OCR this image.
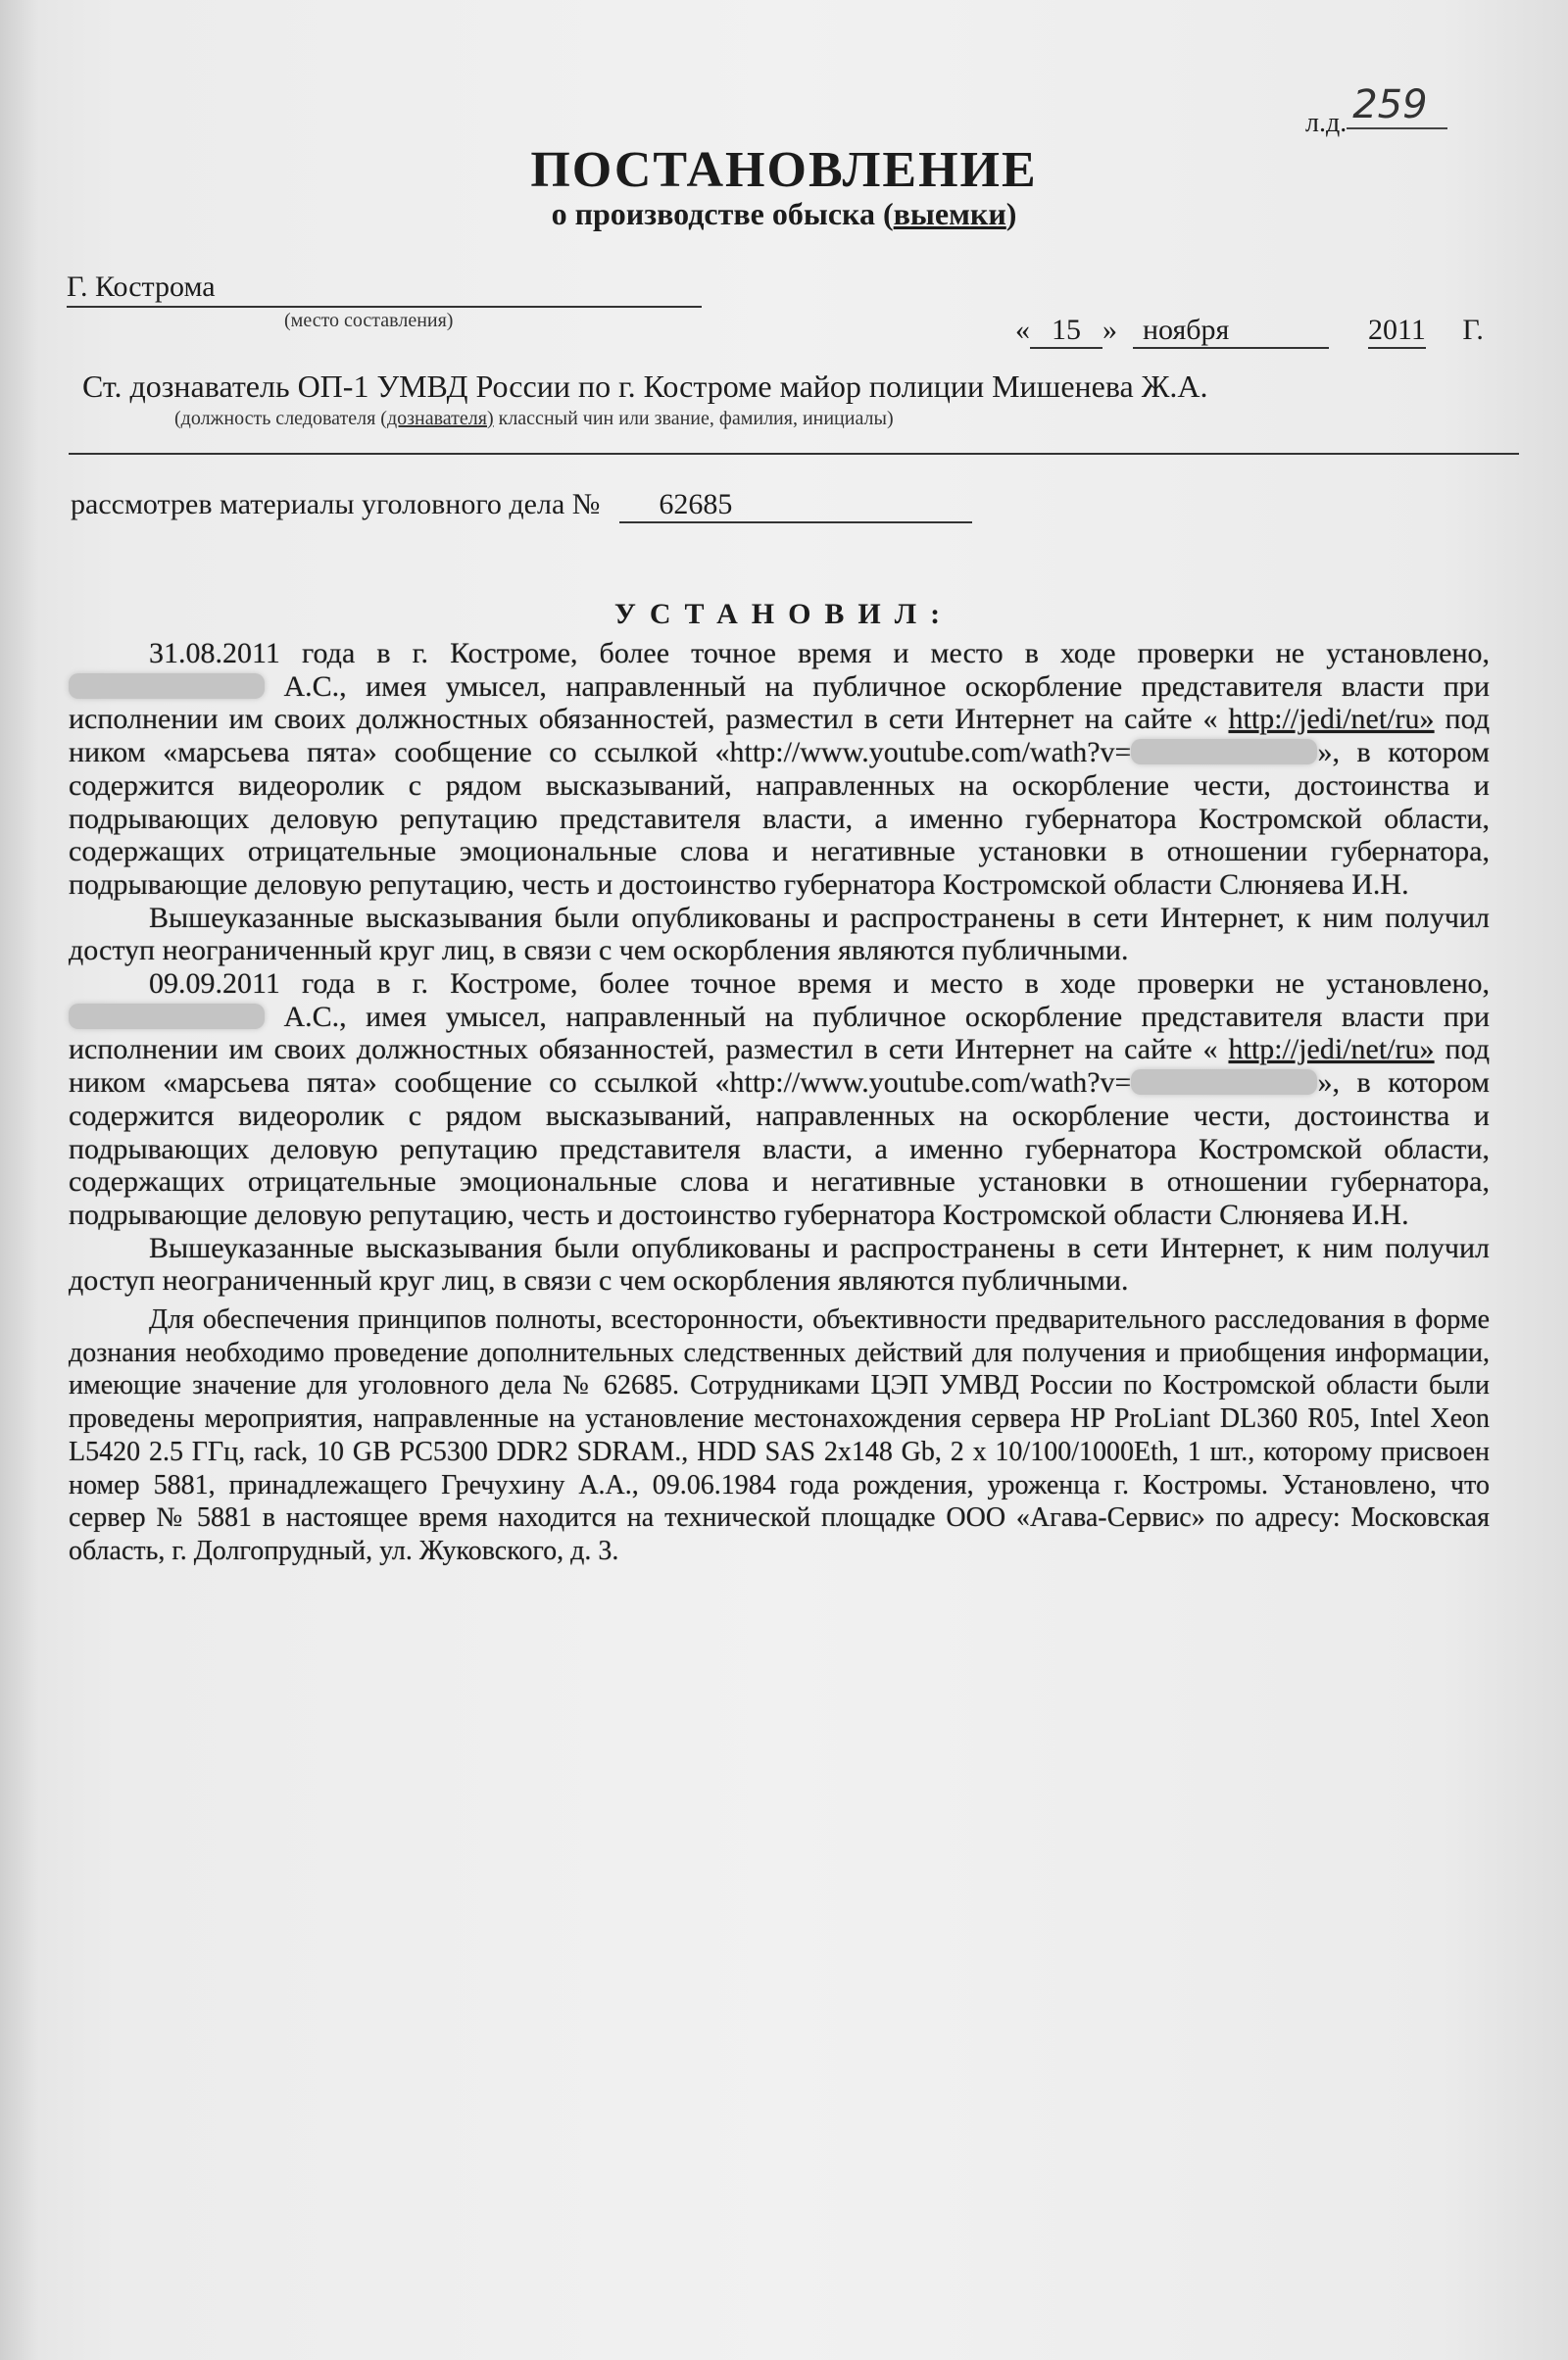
л.д. 259
ПОСТАНОВЛЕНИЕ
о производстве обыска (выемки)
Г. Кострома
(место составления)	« 15 » ноября	2011 Г.
Ст. дознаватель ОП-1 УМВД России по г. Костроме майор полиции Мишенева Ж.А.
(должность следователя (дознавателя) классный чин или звание, фамилия, инициалы)
рассмотрев материалы уголовного дела № 62685
УСТАНОВИЛ:

31.08.2011 года в г. Костроме, более точное время и место в ходе проверки не установлено,  А.С., имея умысел, направленный на публичное оскорбление представителя власти при исполнении им своих должностных обязанностей, разместил в сети Интернет на сайте « http://jedi/net/ru» под ником «марсьева пята» сообщение со ссылкой «http://www.youtube.com/wath?v=	», в котором содержится видеоролик с рядом высказываний, направленных на оскорбление чести, достоинства и подрывающих деловую репутацию представителя власти, а именно губернатора Костромской области, содержащих отрицательные эмоциональные слова и негативные установки в отношении губернатора, подрывающие деловую репутацию, честь и достоинство губернатора Костромской области Слюняева И.Н.

Вышеуказанные высказывания были опубликованы и распространены в сети Интернет, к ним получил доступ неограниченный круг лиц, в связи с чем оскорбления являются публичными.

09.09.2011 года в г. Костроме, более точное время и место в ходе проверки не установлено,  А.С., имея умысел, направленный на публичное оскорбление представителя власти при исполнении им своих должностных обязанностей, разместил в сети Интернет на сайте « http://jedi/net/ru» под ником «марсьева пята» сообщение со ссылкой «http://www.youtube.com/wath?v=	», в котором содержится видеоролик с рядом высказываний, направленных на оскорбление чести, достоинства и подрывающих деловую репутацию представителя власти, а именно губернатора Костромской области, содержащих отрицательные эмоциональные слова и негативные установки в отношении губернатора, подрывающие деловую репутацию, честь и достоинство губернатора Костромской области Слюняева И.Н.

Вышеуказанные высказывания были опубликованы и распространены в сети Интернет, к ним получил доступ неограниченный круг лиц, в связи с чем оскорбления являются публичными.

Для обеспечения принципов полноты, всесторонности, объективности предварительного расследования в форме дознания необходимо проведение дополнительных следственных действий для получения и приобщения информации, имеющие значение для уголовного дела № 62685. Сотрудниками ЦЭП УМВД России по Костромской области были проведены мероприятия, направленные на установление местонахождения сервера HP ProLiant DL360 R05, Intel Xeon L5420 2.5 ГГц, rack, 10 GB PC5300 DDR2 SDRAM., HDD SAS 2x148 Gb, 2 x 10/100/1000Eth, 1 шт., которому присвоен номер 5881, принадлежащего Гречухину А.А., 09.06.1984 года рождения, уроженца г. Костромы. Установлено, что сервер № 5881 в настоящее время находится на технической площадке ООО «Агава-Сервис» по адресу: Московская область, г. Долгопрудный, ул. Жуковского, д. 3.
